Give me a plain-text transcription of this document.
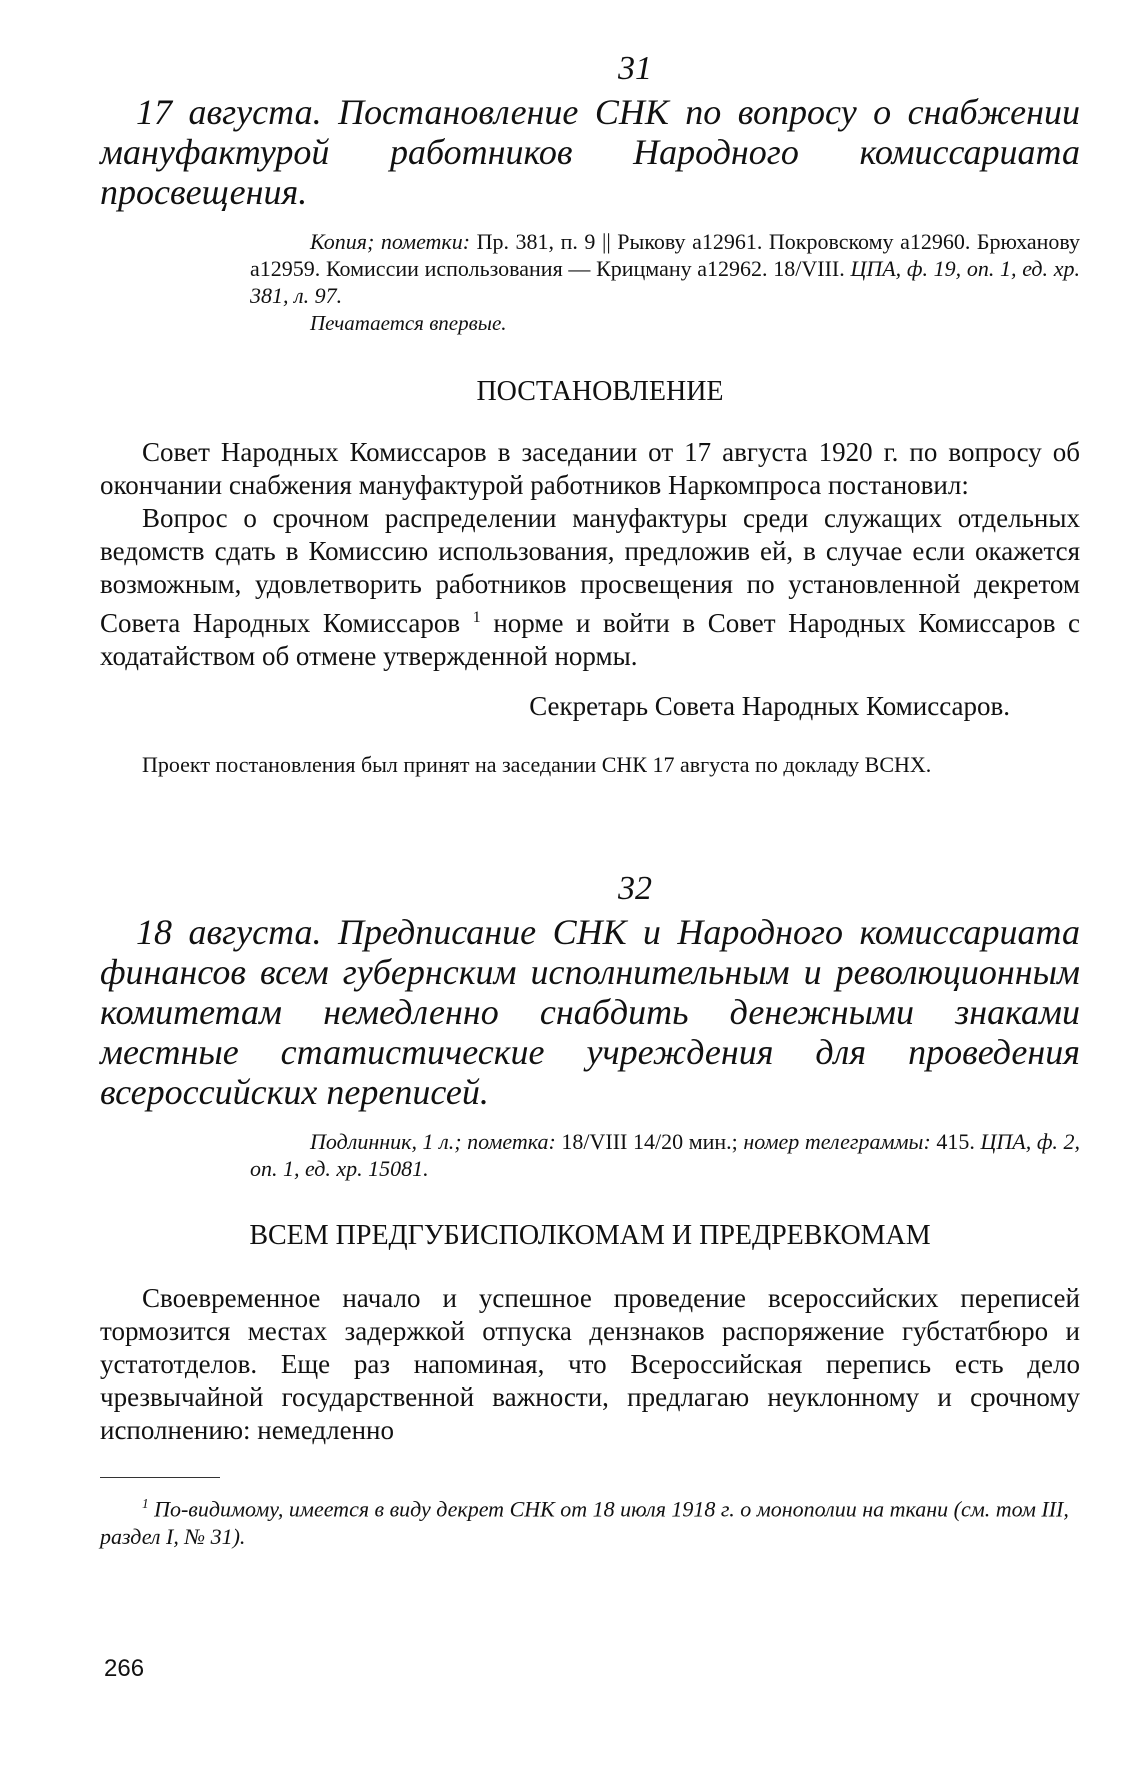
31

17 августа. Постановление СНК по вопросу о снабжении мануфактурой работников Народного комиссариата просвещения.

Копия; пометки: Пр. 381, п. 9 || Рыкову а12961. Покровскому а12960. Брюханову а12959. Комиссии использования — Крицману а12962. 18/VIII. ЦПА, ф. 19, оп. 1, ед. хр. 381, л. 97.

Печатается впервые.

ПОСТАНОВЛЕНИЕ

Совет Народных Комиссаров в заседании от 17 августа 1920 г. по вопросу об окончании снабжения мануфактурой работников Наркомпроса постановил:

Вопрос о срочном распределении мануфактуры среди служащих отдельных ведомств сдать в Комиссию использования, предложив ей, в случае если окажется возможным, удовлетворить работников просвещения по установленной декретом Совета Народных Комиссаров $^1$ норме и войти в Совет Народных Комиссаров с ходатайством об отмене утвержденной нормы.

Секретарь Совета Народных Комиссаров.

Проект постановления был принят на заседании СНК 17 августа по докладу ВСНХ.

32

18 августа. Предписание СНК и Народного комиссариата финансов всем губернским исполнительным и революционным комитетам немедленно снабдить денежными знаками местные статистические учреждения для проведения всероссийских переписей.

Подлинник, 1 л.; пометка: 18/VIII 14/20 мин.; номер телеграммы: 415. ЦПА, ф. 2, оп. 1, ед. хр. 15081.

ВСЕМ ПРЕДГУБИСПОЛКОМАМ И ПРЕДРЕВКОМАМ

Своевременное начало и успешное проведение всероссийских переписей тормозится местах задержкой отпуска дензнаков распоряжение губстатбюро и устатотделов. Еще раз напоминая, что Всероссийская перепись есть дело чрезвычайной государственной важности, предлагаю неуклонному и срочному исполнению: немедленно

$^1$ По-видимому, имеется в виду декрет СНК от 18 июля 1918 г. о монополии на ткани (см. том III, раздел I, № 31).

266
